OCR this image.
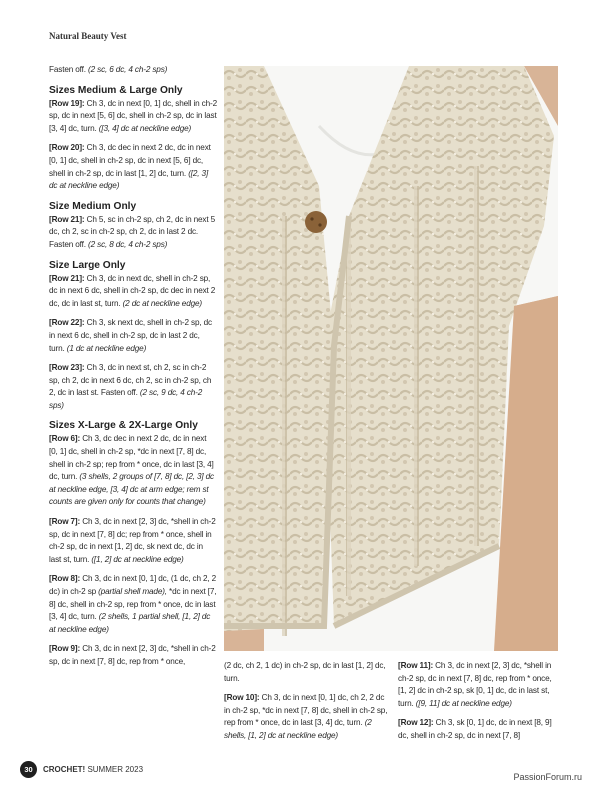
Natural Beauty Vest

Fasten off. (2 sc, 6 dc, 4 ch-2 sps)

Sizes Medium & Large Only

[Row 19]: Ch 3, dc in next [0, 1] dc, shell in ch-2 sp, dc in next [5, 6] dc, shell in ch-2 sp, dc in last [3, 4] dc, turn. ([3, 4] dc at neckline edge)

[Row 20]: Ch 3, dc dec in next 2 dc, dc in next [0, 1] dc, shell in ch-2 sp, dc in next [5, 6] dc, shell in ch-2 sp, dc in last [1, 2] dc, turn. ([2, 3] dc at neckline edge)

Size Medium Only

[Row 21]: Ch 5, sc in ch-2 sp, ch 2, dc in next 5 dc, ch 2, sc in ch-2 sp, ch 2, dc in last 2 dc. Fasten off. (2 sc, 8 dc, 4 ch-2 sps)

Size Large Only

[Row 21]: Ch 3, dc in next dc, shell in ch-2 sp, dc in next 6 dc, shell in ch-2 sp, dc dec in next 2 dc, dc in last st, turn. (2 dc at neckline edge)

[Row 22]: Ch 3, sk next dc, shell in ch-2 sp, dc in next 6 dc, shell in ch-2 sp, dc in last 2 dc, turn. (1 dc at neckline edge)

[Row 23]: Ch 3, dc in next st, ch 2, sc in ch-2 sp, ch 2, dc in next 6 dc, ch 2, sc in ch-2 sp, ch 2, dc in last st. Fasten off. (2 sc, 9 dc, 4 ch-2 sps)

Sizes X-Large & 2X-Large Only

[Row 6]: Ch 3, dc dec in next 2 dc, dc in next [0, 1] dc, shell in ch-2 sp, *dc in next [7, 8] dc, shell in ch-2 sp; rep from * once, dc in last [3, 4] dc, turn. (3 shells, 2 groups of [7, 8] dc, [2, 3] dc at neckline edge, [3, 4] dc at arm edge; rem st counts are given only for counts that change)

[Row 7]: Ch 3, dc in next [2, 3] dc, *shell in ch-2 sp, dc in next [7, 8] dc; rep from * once, shell in ch-2 sp, dc in next [1, 2] dc, sk next dc, dc in last st, turn. ([1, 2] dc at neckline edge)

[Row 8]: Ch 3, dc in next [0, 1] dc, (1 dc, ch 2, 2 dc) in ch-2 sp (partial shell made), *dc in next [7, 8] dc, shell in ch-2 sp, rep from * once, dc in last [3, 4] dc, turn. (2 shells, 1 partial shell, [1, 2] dc at neckline edge)

[Row 9]: Ch 3, dc in next [2, 3] dc, *shell in ch-2 sp, dc in next [7, 8] dc, rep from * once,	(2 dc, ch 2, 1 dc) in ch-2 sp, dc in last [1, 2] dc, turn.

[Row 10]: Ch 3, dc in next [0, 1] dc, ch 2, 2 dc in ch-2 sp, *dc in next [7, 8] dc, shell in ch-2 sp, rep from * once, dc in last [3, 4] dc, turn. (2 shells, [1, 2] dc at neckline edge)

[Row 11]: Ch 3, dc in next [2, 3] dc, *shell in ch-2 sp, dc in next [7, 8] dc, rep from * once, [1, 2] dc in ch-2 sp, sk [0, 1] dc, dc in last st, turn. ([9, 11] dc at neckline edge)

[Row 12]: Ch 3, sk [0, 1] dc, dc in next [8, 9] dc, shell in ch-2 sp, dc in next [7, 8]

30	CROCHET! SUMMER 2023
PassionForum.ru
